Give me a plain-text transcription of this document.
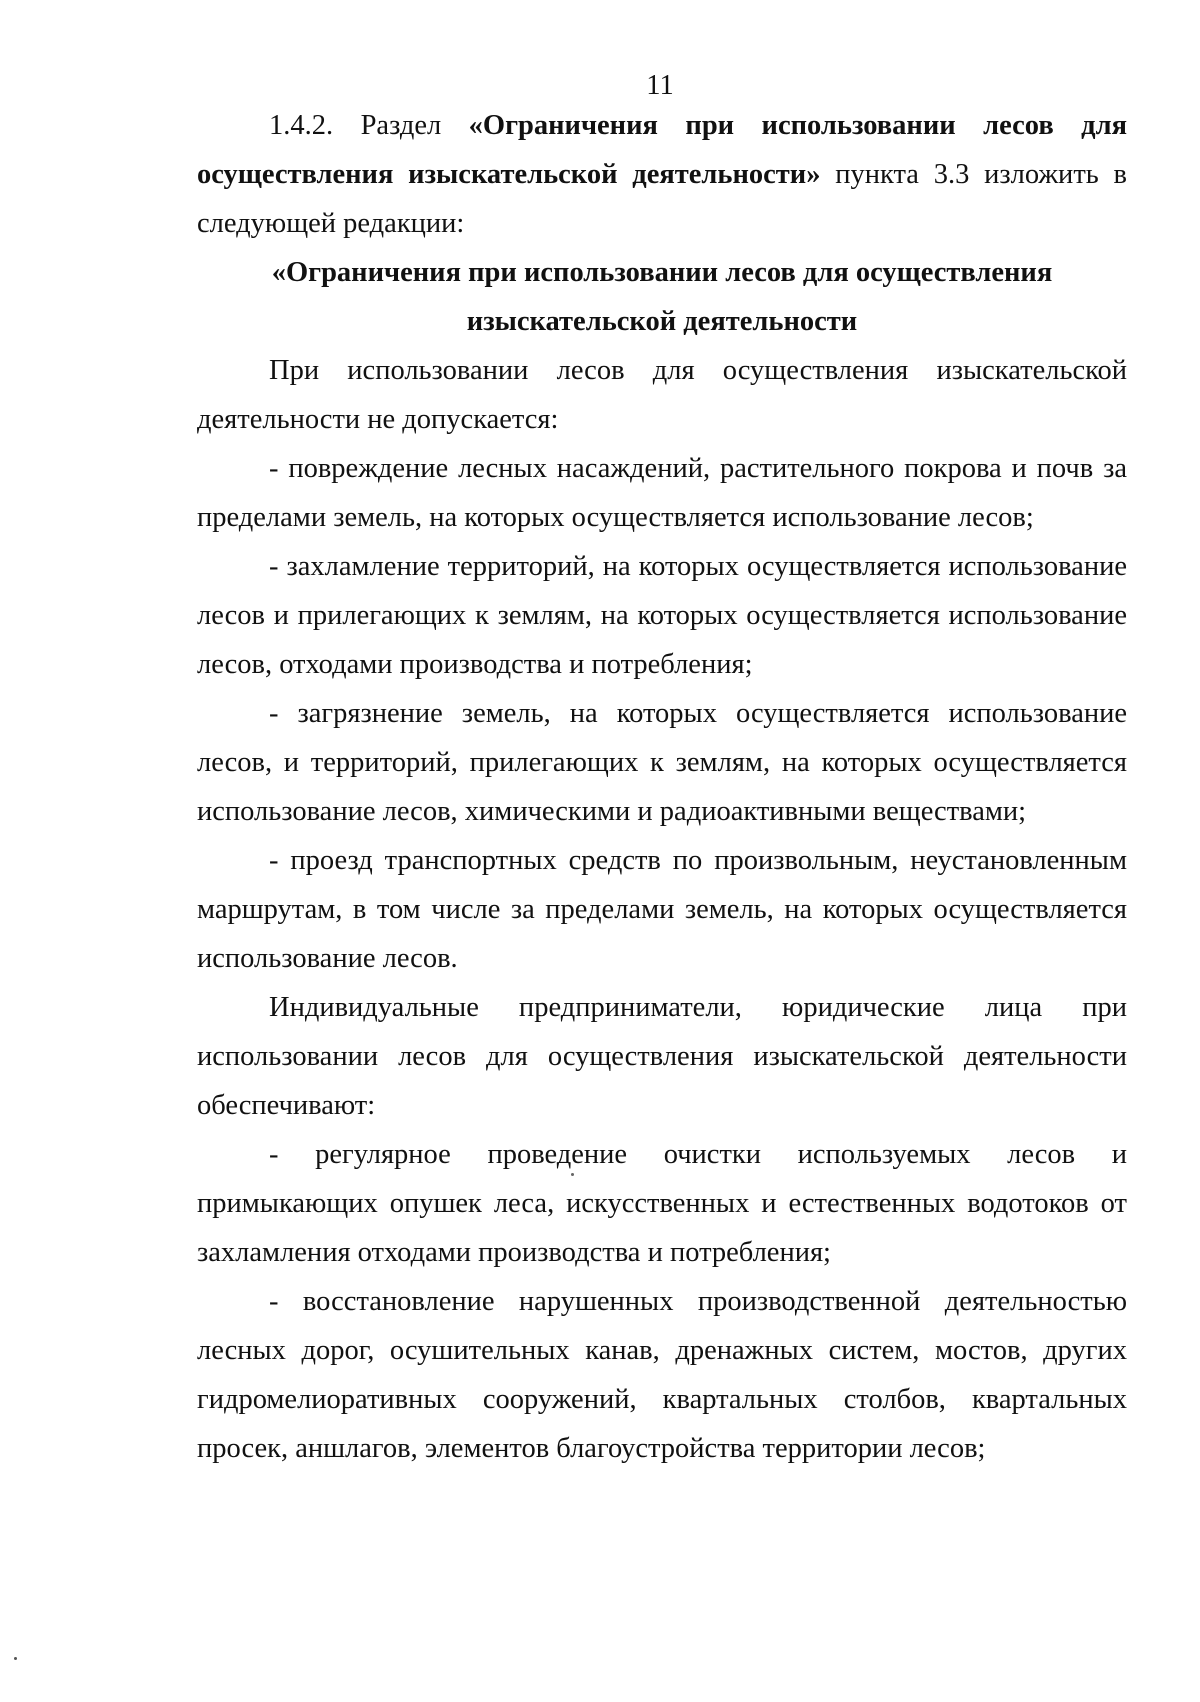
11

1.4.2. Раздел «Ограничения при использовании лесов для осуществления изыскательской деятельности» пункта 3.3 изложить в следующей редакции:

«Ограничения при использовании лесов для осуществления
изыскательской деятельности

При использовании лесов для осуществления изыскательской деятельности не допускается:

- повреждение лесных насаждений, растительного покрова и почв за пределами земель, на которых осуществляется использование лесов;

- захламление территорий, на которых осуществляется использование лесов и прилегающих к землям, на которых осуществляется использование лесов, отходами производства и потребления;

- загрязнение земель, на которых осуществляется использование лесов, и территорий, прилегающих к землям, на которых осуществляется использование лесов, химическими и радиоактивными веществами;

- проезд транспортных средств по произвольным, неустановленным маршрутам, в том числе за пределами земель, на которых осуществляется использование лесов.

Индивидуальные предприниматели, юридические лица при использовании лесов для осуществления изыскательской деятельности обеспечивают:

- регулярное проведение очистки используемых лесов и примыкающих опушек леса, искусственных и естественных водотоков от захламления отходами производства и потребления;

- восстановление нарушенных производственной деятельностью лесных дорог, осушительных канав, дренажных систем, мостов, других гидромелиоративных сооружений, квартальных столбов, квартальных просек, аншлагов, элементов благоустройства территории лесов;
